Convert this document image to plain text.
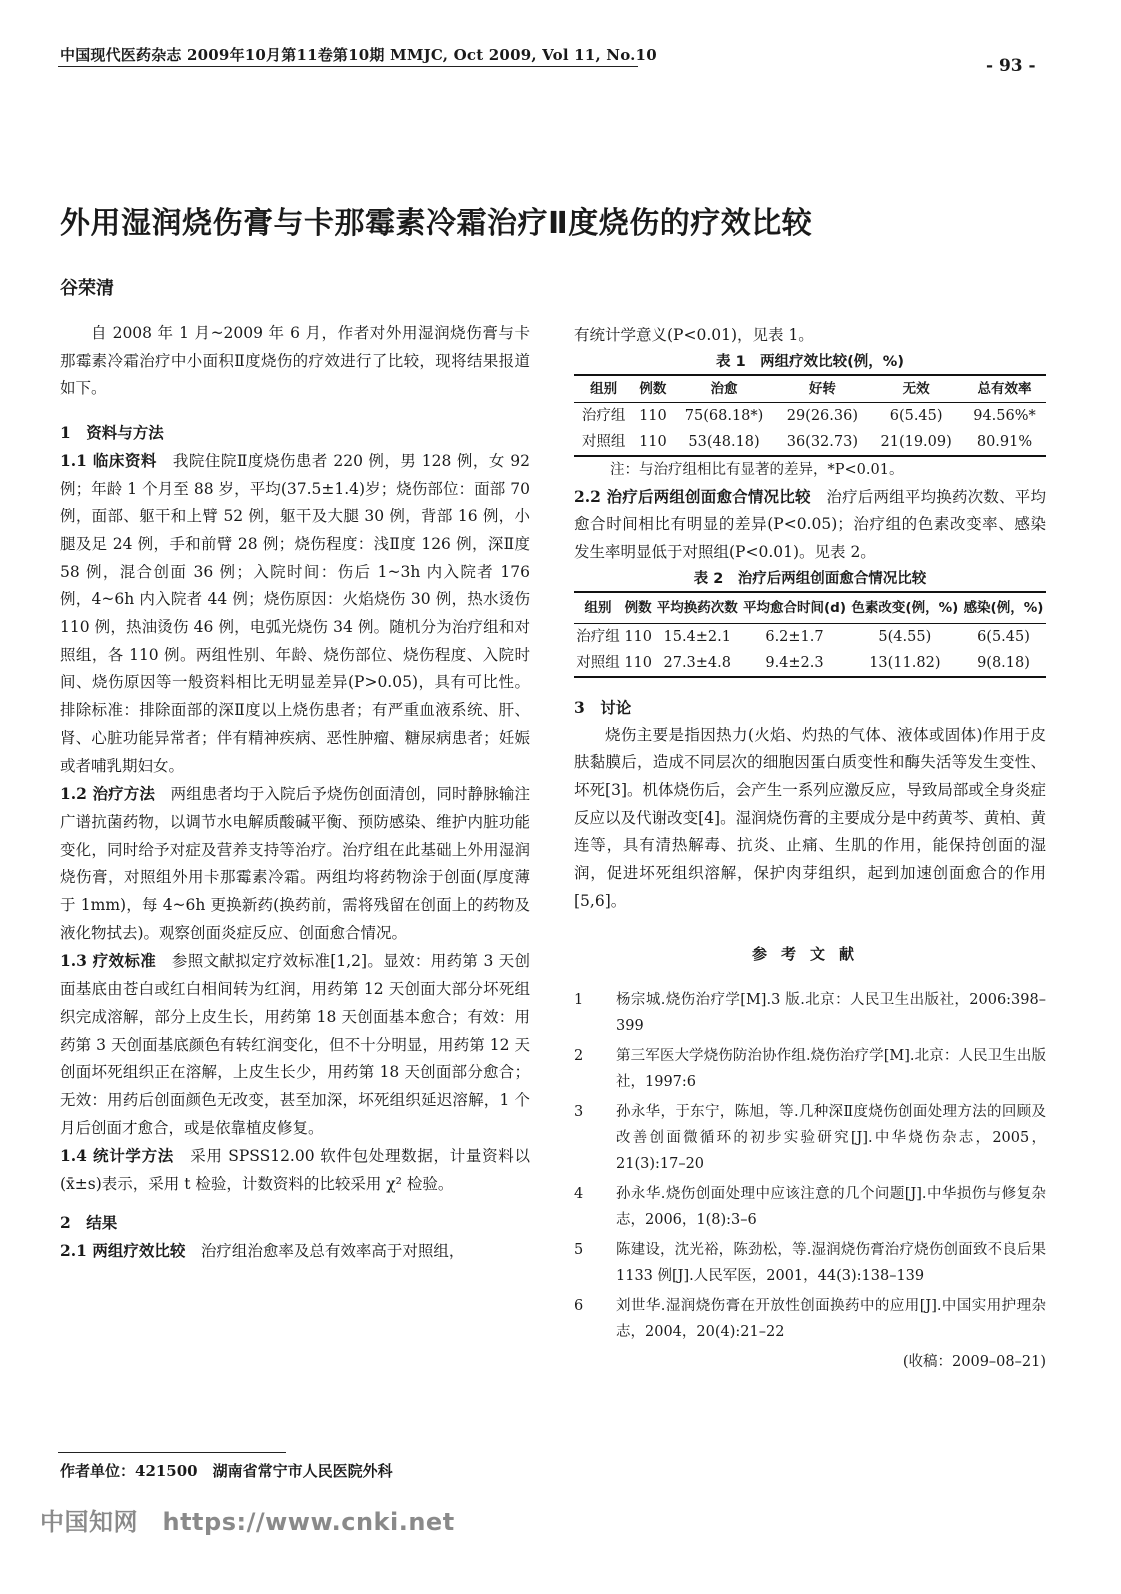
中国现代医药杂志 2009年10月第11卷第10期 MMJC, Oct 2009, Vol 11, No.10
- 93 -
外用湿润烧伤膏与卡那霉素冷霜治疗Ⅱ度烧伤的疗效比较
谷荣清

自 2008 年 1 月~2009 年 6 月，作者对外用湿润烧伤膏与卡那霉素冷霜治疗中小面积Ⅱ度烧伤的疗效进行了比较，现将结果报道如下。

1　资料与方法

1.1 临床资料　 我院住院Ⅱ度烧伤患者 220 例，男 128 例，女 92 例；年龄 1 个月至 88 岁，平均(37.5±1.4)岁；烧伤部位：面部 70 例，面部、躯干和上臂 52 例，躯干及大腿 30 例，背部 16 例，小腿及足 24 例，手和前臂 28 例；烧伤程度：浅Ⅱ度 126 例，深Ⅱ度 58 例，混合创面 36 例；入院时间：伤后 1~3h 内入院者 176 例，4~6h 内入院者 44 例；烧伤原因：火焰烧伤 30 例，热水烫伤 110 例，热油烫伤 46 例，电弧光烧伤 34 例。随机分为治疗组和对照组，各 110 例。两组性别、年龄、烧伤部位、烧伤程度、入院时间、烧伤原因等一般资料相比无明显差异(P>0.05)，具有可比性。排除标准：排除面部的深Ⅱ度以上烧伤患者；有严重血液系统、肝、肾、心脏功能异常者；伴有精神疾病、恶性肿瘤、糖尿病患者；妊娠或者哺乳期妇女。

1.2 治疗方法　 两组患者均于入院后予烧伤创面清创，同时静脉输注广谱抗菌药物，以调节水电解质酸碱平衡、预防感染、维护内脏功能变化，同时给予对症及营养支持等治疗。治疗组在此基础上外用湿润烧伤膏，对照组外用卡那霉素冷霜。两组均将药物涂于创面(厚度薄于 1mm)，每 4~6h 更换新药(换药前，需将残留在创面上的药物及液化物拭去)。观察创面炎症反应、创面愈合情况。

1.3 疗效标准　 参照文献拟定疗效标准[1,2]。显效：用药第 3 天创面基底由苍白或红白相间转为红润，用药第 12 天创面大部分坏死组织完成溶解，部分上皮生长，用药第 18 天创面基本愈合；有效：用药第 3 天创面基底颜色有转红润变化，但不十分明显，用药第 12 天创面坏死组织正在溶解，上皮生长少，用药第 18 天创面部分愈合；无效：用药后创面颜色无改变，甚至加深，坏死组织延迟溶解，1 个月后创面才愈合，或是依靠植皮修复。

1.4 统计学方法　 采用 SPSS12.00 软件包处理数据，计量资料以(x̄±s)表示，采用 t 检验，计数资料的比较采用 χ² 检验。

2　结果

2.1 两组疗效比较　 治疗组治愈率及总有效率高于对照组，

有统计学意义(P<0.01)，见表 1。

表 1　两组疗效比较(例，%)
组别	例数	治愈	好转	无效	总有效率
治疗组	110	75(68.18*)	29(26.36)	6(5.45)	94.56%*
对照组	110	53(48.18)	36(32.73)	21(19.09)	80.91%
注：与治疗组相比有显著的差异，*P<0.01。

2.2 治疗后两组创面愈合情况比较　 治疗后两组平均换药次数、平均愈合时间相比有明显的差异(P<0.05)；治疗组的色素改变率、感染发生率明显低于对照组(P<0.01)。见表 2。

表 2　治疗后两组创面愈合情况比较
组别	例数	平均换药次数	平均愈合时间(d)	色素改变(例，%)	感染(例，%)
治疗组	110	15.4±2.1	6.2±1.7	5(4.55)	6(5.45)
对照组	110	27.3±4.8	9.4±2.3	13(11.82)	9(8.18)

3　讨论

烧伤主要是指因热力(火焰、灼热的气体、液体或固体)作用于皮肤黏膜后，造成不同层次的细胞因蛋白质变性和酶失活等发生变性、坏死[3]。机体烧伤后，会产生一系列应激反应，导致局部或全身炎症反应以及代谢改变[4]。湿润烧伤膏的主要成分是中药黄芩、黄柏、黄连等，具有清热解毒、抗炎、止痛、生肌的作用，能保持创面的湿润，促进坏死组织溶解，保护肉芽组织，起到加速创面愈合的作用[5,6]。

参考文献
1	杨宗城.烧伤治疗学[M].3 版.北京：人民卫生出版社，2006:398–399
2	第三军医大学烧伤防治协作组.烧伤治疗学[M].北京：人民卫生出版社，1997:6
3	孙永华，于东宁，陈旭，等.几种深Ⅱ度烧伤创面处理方法的回顾及改善创面微循环的初步实验研究[J].中华烧伤杂志，2005，21(3):17–20
4	孙永华.烧伤创面处理中应该注意的几个问题[J].中华损伤与修复杂志，2006，1(8):3–6
5	陈建设，沈光裕，陈劲松，等.湿润烧伤膏治疗烧伤创面致不良后果 1133 例[J].人民军医，2001，44(3):138–139
6	刘世华.湿润烧伤膏在开放性创面换药中的应用[J].中国实用护理杂志，2004，20(4):21–22
(收稿：2009–08–21)
作者单位：421500　湖南省常宁市人民医院外科
中国知网　https://www.cnki.net
